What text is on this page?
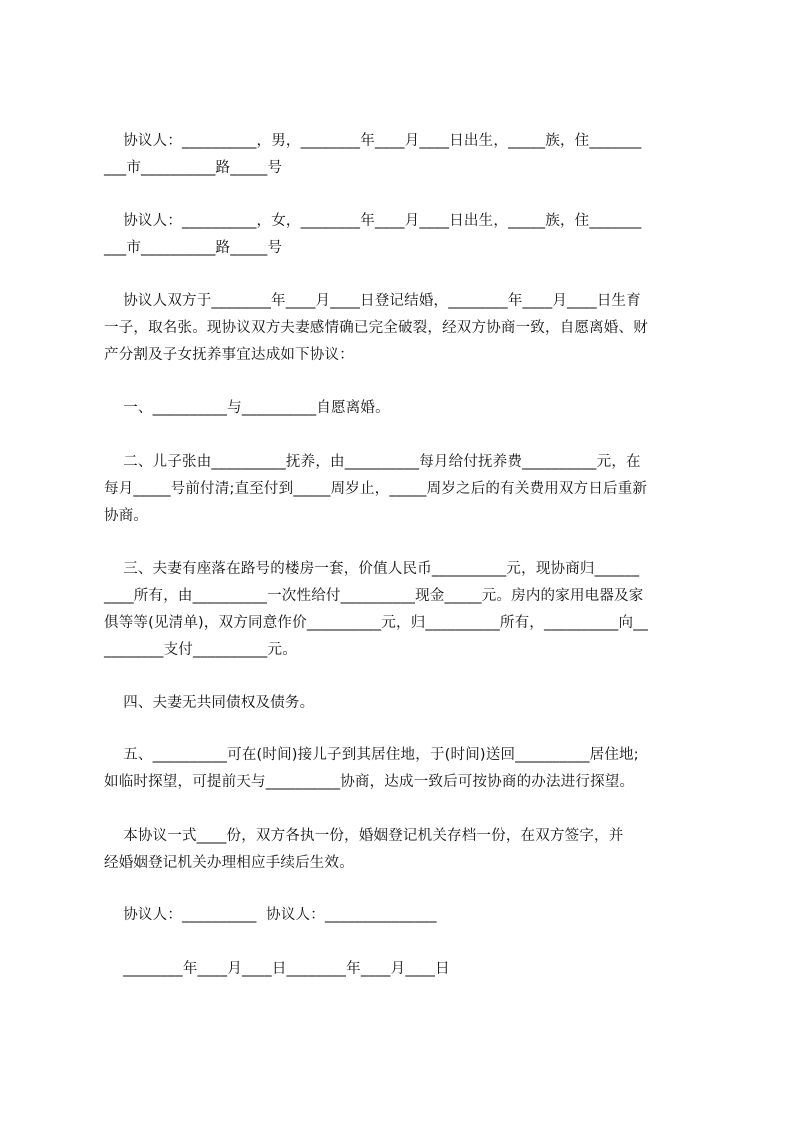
协议人：__________，男，________年____月____日出生，_____族，住_______
___市__________路_____号
协议人：__________，女，________年____月____日出生，_____族，住_______
___市__________路_____号
协议人双方于________年____月____日登记结婚，________年____月____日生育
一子，取名张。现协议双方夫妻感情确已完全破裂，经双方协商一致，自愿离婚、财
产分割及子女抚养事宜达成如下协议：
一、__________与__________自愿离婚。
二、儿子张由__________抚养，由__________每月给付抚养费__________元，在
每月_____号前付清;直至付到_____周岁止，_____周岁之后的有关费用双方日后重新
协商。
三、夫妻有座落在路号的楼房一套，价值人民币__________元，现协商归______
____所有，由__________一次性给付__________现金_____元。房内的家用电器及家
俱等等(见清单)，双方同意作价__________元，归__________所有，__________向__
________支付__________元。
四、夫妻无共同债权及债务。
五、__________可在(时间)接儿子到其居住地，于(时间)送回__________居住地;
如临时探望，可提前天与__________协商，达成一致后可按协商的办法进行探望。
本协议一式____份，双方各执一份，婚姻登记机关存档一份，在双方签字，并
经婚姻登记机关办理相应手续后生效。
协议人：__________  协议人：_______________
________年____月____日________年____月____日
